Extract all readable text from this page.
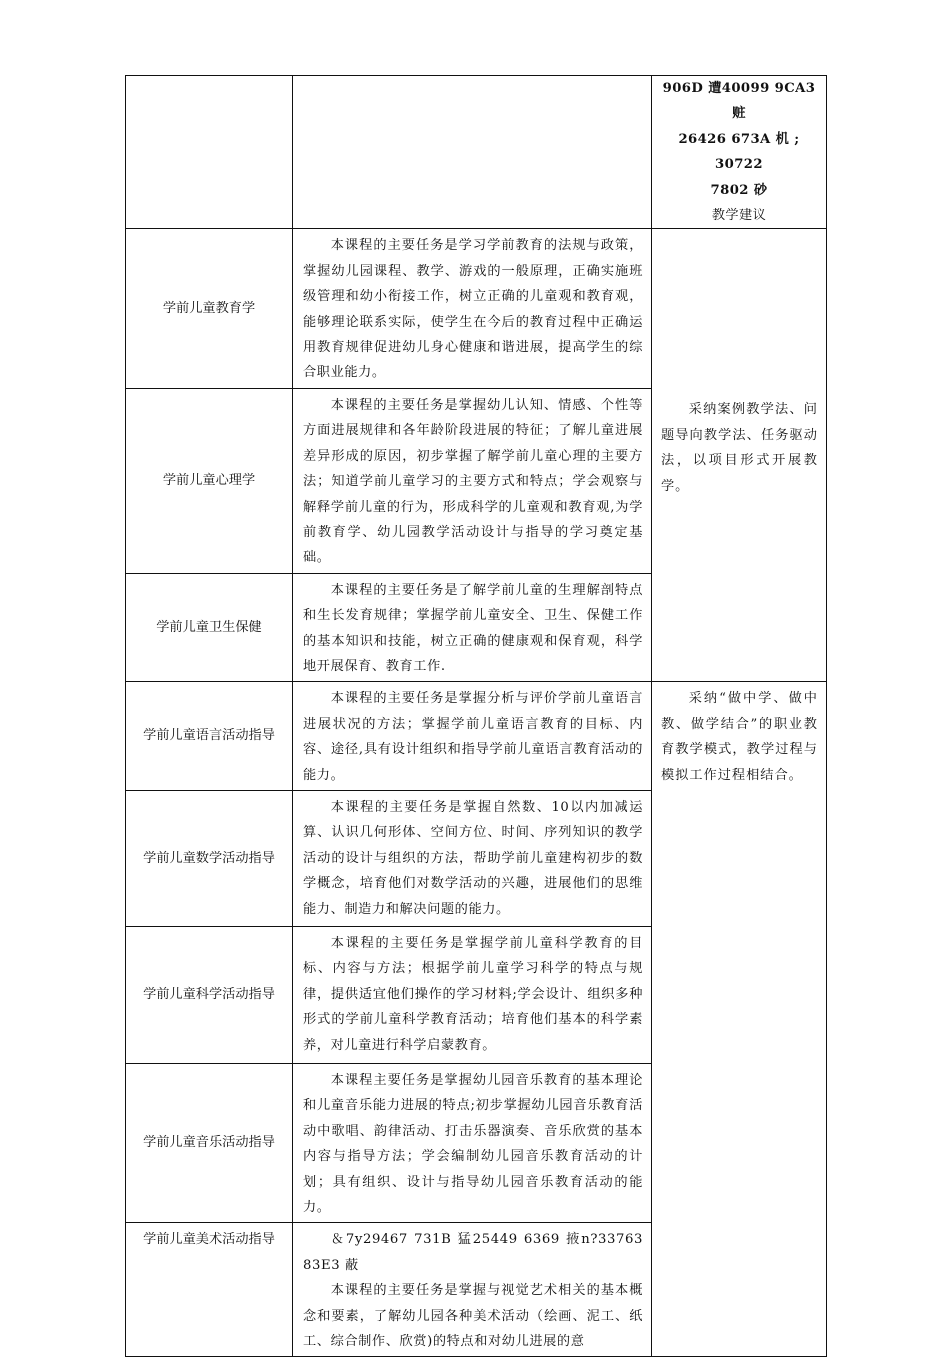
		906D 遭40099 9CA3 赃
26426 673A 机 ; 30722
7802 砂
教学建议

学前儿童教育学	本课程的主要任务是学习学前教育的法规与政策，掌握幼儿园课程、教学、游戏的一般原理，正确实施班级管理和幼小衔接工作，树立正确的儿童观和教育观，能够理论联系实际，使学生在今后的教育过程中正确运用教育规律促进幼儿身心健康和谐进展，提高学生的综合职业能力。	采纳案例教学法、问题导向教学法、任务驱动法，以项目形式开展教学。

学前儿童心理学	本课程的主要任务是掌握幼儿认知、情感、个性等方面进展规律和各年龄阶段进展的特征；了解儿童进展差异形成的原因，初步掌握了解学前儿童心理的主要方法；知道学前儿童学习的主要方式和特点；学会观察与解释学前儿童的行为，形成科学的儿童观和教育观,为学前教育学、幼儿园教学活动设计与指导的学习奠定基础。	

学前儿童卫生保健	本课程的主要任务是了解学前儿童的生理解剖特点和生长发育规律；掌握学前儿童安全、卫生、保健工作的基本知识和技能，树立正确的健康观和保育观，科学地开展保育、教育工作.	

学前儿童语言活动指导	本课程的主要任务是掌握分析与评价学前儿童语言进展状况的方法；掌握学前儿童语言教育的目标、内容、途径,具有设计组织和指导学前儿童语言教育活动的能力。	采纳“做中学、做中教、做学结合”的职业教育教学模式，教学过程与模拟工作过程相结合。

学前儿童数学活动指导	本课程的主要任务是掌握自然数、10以内加减运算、认识几何形体、空间方位、时间、序列知识的教学活动的设计与组织的方法，帮助学前儿童建构初步的数学概念，培育他们对数学活动的兴趣，进展他们的思维能力、制造力和解决问题的能力。	

学前儿童科学活动指导	本课程的主要任务是掌握学前儿童科学教育的目标、内容与方法；根据学前儿童学习科学的特点与规律，提供适宜他们操作的学习材料;学会设计、组织多种形式的学前儿童科学教育活动；培育他们基本的科学素养，对儿童进行科学启蒙教育。	

学前儿童音乐活动指导	本课程主要任务是掌握幼儿园音乐教育的基本理论和儿童音乐能力进展的特点;初步掌握幼儿园音乐教育活动中歌唱、韵律活动、打击乐器演奏、音乐欣赏的基本内容与指导方法；学会编制幼儿园音乐教育活动的计划；具有组织、设计与指导幼儿园音乐教育活动的能力。	

学前儿童美术活动指导	＆7y29467 731B 猛25449 6369 掖n?33763 83E3 蔽
本课程的主要任务是掌握与视觉艺术相关的基本概念和要素，了解幼儿园各种美术活动（绘画、泥工、纸工、综合制作、欣赏)的特点和对幼儿进展的意	
